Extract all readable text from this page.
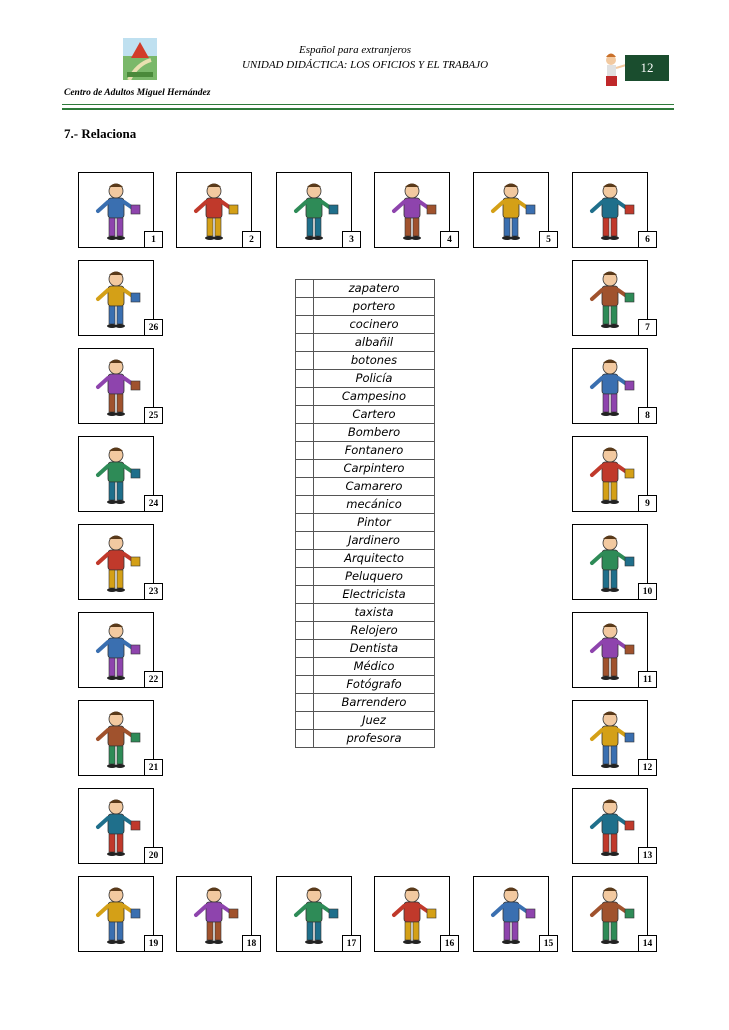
Español para extranjeros
UNIDAD DIDÁCTICA: LOS OFICIOS Y EL TRABAJO	12
Centro de Adultos Miguel Hernández
7.- Relaciona
	zapatero
	portero
	cocinero
	albañil
	botones
	Policía
	Campesino
	Cartero
	Bombero
	Fontanero
	Carpintero
	Camarero
	mecánico
	Pintor
	Jardinero
	Arquitecto
	Peluquero
	Electricista
	taxista
	Relojero
	Dentista
	Médico
	Fotógrafo
	Barrendero
	Juez
	profesora
1	2	3	4	5	6
7
8
9
10
11
12
13
14
15
16
17
18
19
20
21
22
23
24
25
26
